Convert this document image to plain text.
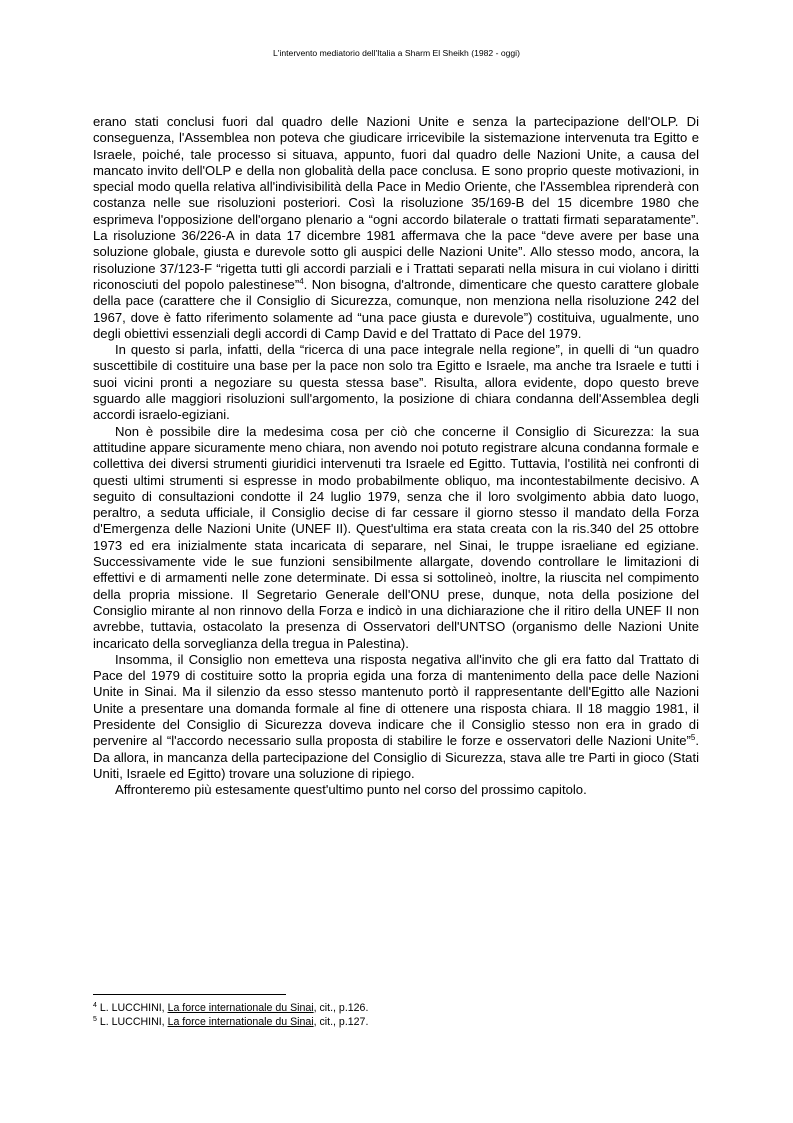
L'intervento mediatorio dell'Italia a Sharm El Sheikh (1982 - oggi)

erano stati conclusi fuori dal quadro delle Nazioni Unite e senza la partecipazione dell'OLP. Di conseguenza, l'Assemblea non poteva che giudicare irricevibile la sistemazione intervenuta tra Egitto e Israele, poiché, tale processo si situava, appunto, fuori dal quadro delle Nazioni Unite, a causa del mancato invito dell'OLP e della non globalità della pace conclusa. E sono proprio queste motivazioni, in special modo quella relativa all'indivisibilità della Pace in Medio Oriente, che l'Assemblea riprenderà con costanza nelle sue risoluzioni posteriori. Così la risoluzione 35/169-B del 15 dicembre 1980 che esprimeva l'opposizione dell'organo plenario a “ogni accordo bilaterale o trattati firmati separatamente”. La risoluzione 36/226-A in data 17 dicembre 1981 affermava che la pace “deve avere per base una soluzione globale, giusta e durevole sotto gli auspici delle Nazioni Unite”. Allo stesso modo, ancora, la risoluzione 37/123-F “rigetta tutti gli accordi parziali e i Trattati separati nella misura in cui violano i diritti riconosciuti del popolo palestinese”$^4$. Non bisogna, d'altronde, dimenticare che questo carattere globale della pace (carattere che il Consiglio di Sicurezza, comunque, non menziona nella risoluzione 242 del 1967, dove è fatto riferimento solamente ad “una pace giusta e durevole”) costituiva, ugualmente, uno degli obiettivi essenziali degli accordi di Camp David e del Trattato di Pace del 1979.

In questo si parla, infatti, della “ricerca di una pace integrale nella regione”, in quelli di “un quadro suscettibile di costituire una base per la pace non solo tra Egitto e Israele, ma anche tra Israele e tutti i suoi vicini pronti a negoziare su questa stessa base”. Risulta, allora evidente, dopo questo breve sguardo alle maggiori risoluzioni sull'argomento, la posizione di chiara condanna dell'Assemblea degli accordi israelo-egiziani.

Non è possibile dire la medesima cosa per ciò che concerne il Consiglio di Sicurezza: la sua attitudine appare sicuramente meno chiara, non avendo noi potuto registrare alcuna condanna formale e collettiva dei diversi strumenti giuridici intervenuti tra Israele ed Egitto. Tuttavia, l'ostilità nei confronti di questi ultimi strumenti si espresse in modo probabilmente obliquo, ma incontestabilmente decisivo. A seguito di consultazioni condotte il 24 luglio 1979, senza che il loro svolgimento abbia dato luogo, peraltro, a seduta ufficiale, il Consiglio decise di far cessare il giorno stesso il mandato della Forza d'Emergenza delle Nazioni Unite (UNEF II). Quest'ultima era stata creata con la ris.340 del 25 ottobre 1973 ed era inizialmente stata incaricata di separare, nel Sinai, le truppe israeliane ed egiziane. Successivamente vide le sue funzioni sensibilmente allargate, dovendo controllare le limitazioni di effettivi e di armamenti nelle zone determinate. Di essa si sottolineò, inoltre, la riuscita nel compimento della propria missione. Il Segretario Generale dell'ONU prese, dunque, nota della posizione del Consiglio mirante al non rinnovo della Forza e indicò in una dichiarazione che il ritiro della UNEF II non avrebbe, tuttavia, ostacolato la presenza di Osservatori dell'UNTSO (organismo delle Nazioni Unite incaricato della sorveglianza della tregua in Palestina).

Insomma, il Consiglio non emetteva una risposta negativa all'invito che gli era fatto dal Trattato di Pace del 1979 di costituire sotto la propria egida una forza di mantenimento della pace delle Nazioni Unite in Sinai. Ma il silenzio da esso stesso mantenuto portò il rappresentante dell'Egitto alle Nazioni Unite a presentare una domanda formale al fine di ottenere una risposta chiara. Il 18 maggio 1981, il Presidente del Consiglio di Sicurezza doveva indicare che il Consiglio stesso non era in grado di pervenire al “l'accordo necessario sulla proposta di stabilire le forze e osservatori delle Nazioni Unite”$^5$. Da allora, in mancanza della partecipazione del Consiglio di Sicurezza, stava alle tre Parti in gioco (Stati Uniti, Israele ed Egitto) trovare una soluzione di ripiego.

Affronteremo più estesamente quest'ultimo punto nel corso del prossimo capitolo.

$^4$ L. LUCCHINI, La force internationale du Sinai, cit., p.126.
$^5$ L. LUCCHINI, La force internationale du Sinai, cit., p.127.
